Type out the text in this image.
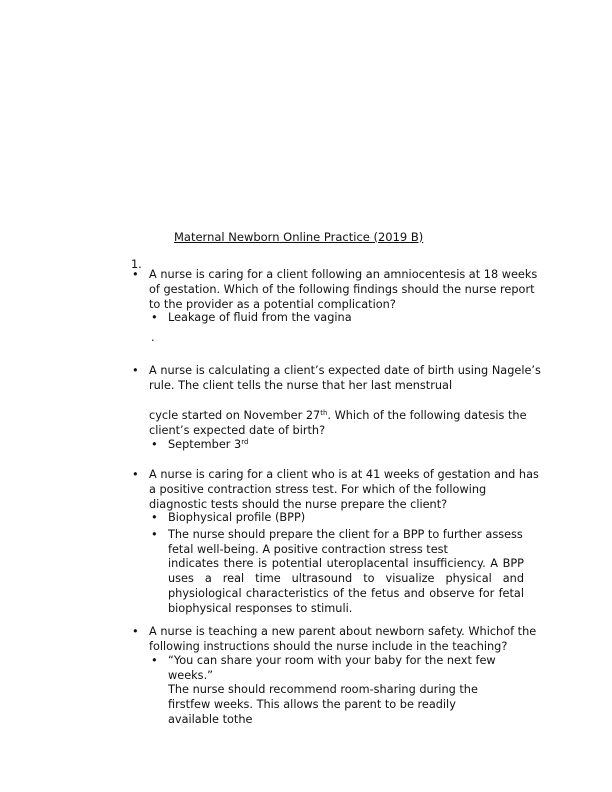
Maternal Newborn Online Practice (2019 B)
1.
• A nurse is caring for a client following an amniocentesis at 18 weeks of gestation. Which of the following findings should the nurse report to the provider as a potential complication?
• Leakage of fluid from the vagina
.
• A nurse is calculating a client’s expected date of birth using Nagele’s rule. The client tells the nurse that her last menstrual
cycle started on November 27th. Which of the following datesis the client’s expected date of birth?
• September 3rd
• A nurse is caring for a client who is at 41 weeks of gestation and has a positive contraction stress test. For which of the following diagnostic tests should the nurse prepare the client?
• Biophysical profile (BPP)
• The nurse should prepare the client for a BPP to further assess fetal well-being. A positive contraction stress test
indicates there is potential uteroplacental insufficiency. A BPP uses a real time ultrasound to visualize physical and physiological characteristics of the fetus and observe for fetal biophysical responses to stimuli.
• A nurse is teaching a new parent about newborn safety. Whichof the following instructions should the nurse include in the teaching?
• “You can share your room with your baby for the next few weeks.”
The nurse should recommend room-sharing during the firstfew weeks. This allows the parent to be readily available tothe
